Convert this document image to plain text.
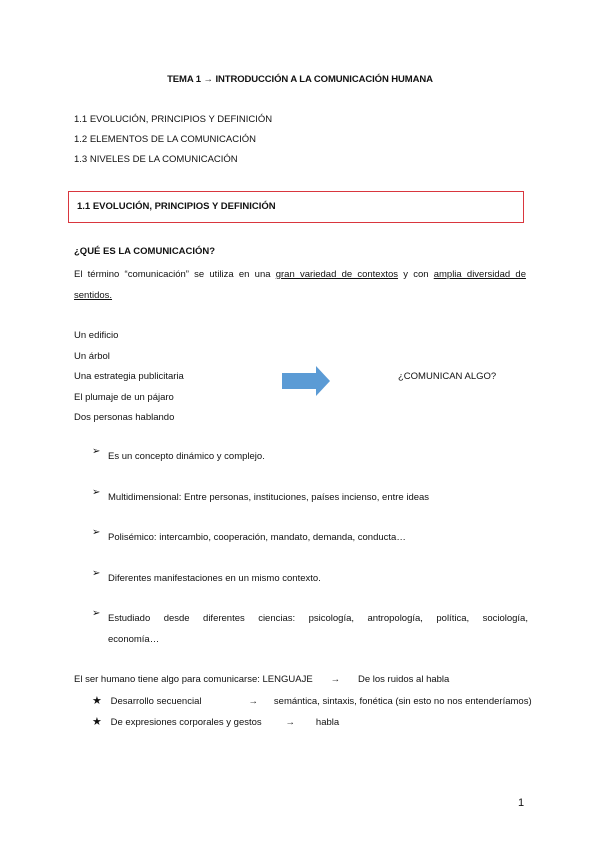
TEMA 1 → INTRODUCCIÓN A LA COMUNICACIÓN HUMANA
1.1 EVOLUCIÓN, PRINCIPIOS Y DEFINICIÓN
1.2 ELEMENTOS DE LA COMUNICACIÓN
1.3 NIVELES DE LA COMUNICACIÓN
1.1 EVOLUCIÓN, PRINCIPIOS Y DEFINICIÓN
¿QUÉ ES LA COMUNICACIÓN?
El término “comunicación” se utiliza en una gran variedad de contextos y con amplia diversidad de sentidos.
Un edificio
Un árbol
Una estrategia publicitaria
El plumaje de un pájaro
Dos personas hablando
¿COMUNICAN ALGO?
➢ Es un concepto dinámico y complejo.
➢ Multidimensional: Entre personas, instituciones, países incienso, entre ideas
➢ Polisémico: intercambio, cooperación, mandato, demanda, conducta…
➢ Diferentes manifestaciones en un mismo contexto.
➢ Estudiado desde diferentes ciencias: psicología, antropología, política, sociología,
economía…
El ser humano tiene algo para comunicarse: LENGUAJE → De los ruidos al habla
★ Desarrollo secuencial	→ semántica, sintaxis, fonética (sin esto no nos entenderíamos)
★ De expresiones corporales y gestos	→ habla
1
